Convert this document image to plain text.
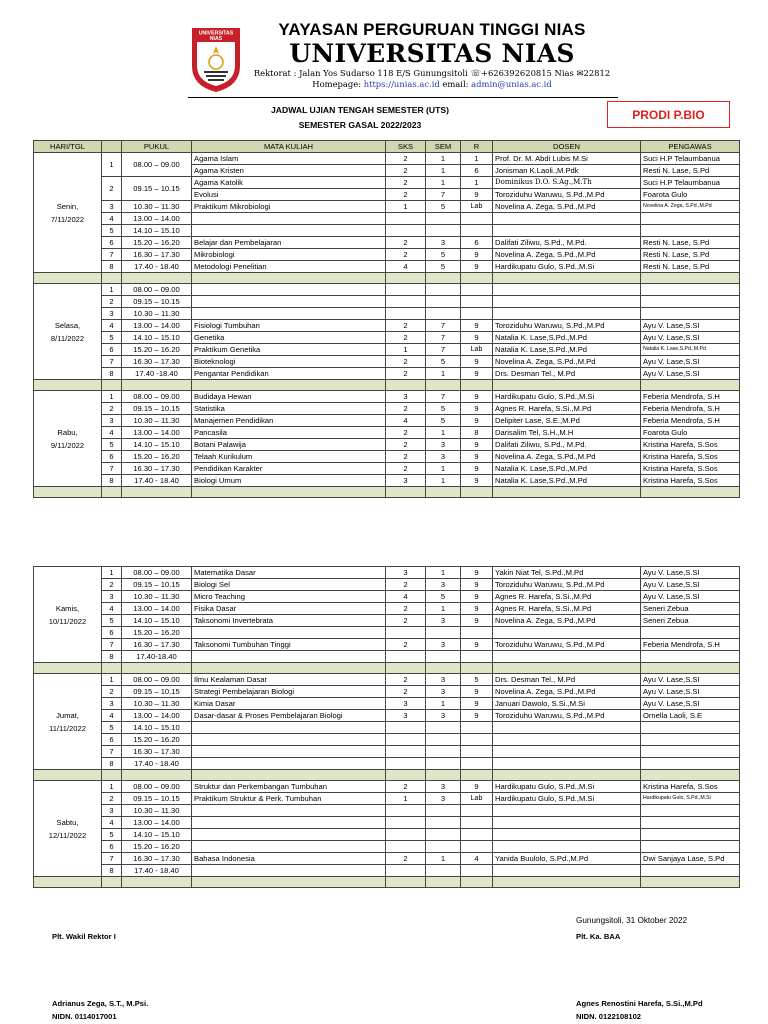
UNIVERSITAS
NIAS	YAYASAN PERGURUAN TINGGI NIAS
UNIVERSITAS NIAS
Rektorat : Jalan Yos Sudarso 118 E/S Gunungsitoli ☏+626392620815 Nias ✉22812
Homepage: https://unias.ac.id email: admin@unias.ac.id
JADWAL UJIAN TENGAH SEMESTER (UTS)
SEMESTER GASAL 2022/2023
PRODI P.BIO
HARI/TGL		PUKUL	MATA KULIAH	SKS	SEM	R	DOSEN	PENGAWAS

Senin,
7/11/2022	1	08.00 – 09.00	Agama Islam	2	1	1	Prof. Dr. M. Abdi Lubis M.Si	Suci H.P Telaumbanua
			Agama Kristen	2	1	6	Jonisman K.Laoli.,M.Pdk	Resti N. Lase, S.Pd
	2	09.15 – 10.15	Agama Katolik	2	1	1	Dominikus D.O. S.Ag.,M.Th	Suci H.P Telaumbanua
			Evolusi	2	7	9	Toroziduhu Waruwu, S.Pd.,M.Pd	Foarota Gulo
	3	10.30 – 11.30	Praktikum Mikrobiologi	1	5	Lab	Novelina A. Zega, S.Pd.,M.Pd	Novelina A. Zega, S.Pd.,M.Pd
	4	13.00 – 14.00						
	5	14.10 – 15.10						
	6	15.20 – 16.20	Belajar dan Pembelajaran	2	3	6	Dalifati Ziliwu, S.Pd., M.Pd.	Resti N. Lase, S.Pd
	7	16.30 – 17.30	Mikrobiologi	2	5	9	Novelina A. Zega, S.Pd.,M.Pd	Resti N. Lase, S.Pd
	8	17.40 - 18.40	Metodologi Penelitian	4	5	9	Hardikupatu Gulo, S.Pd.,M.Si	Resti N. Lase, S.Pd

Selasa,
8/11/2022	1	08.00 – 09.00						
	2	09.15 – 10.15						
	3	10.30 – 11.30						
	4	13.00 – 14.00	Fisiologi Tumbuhan	2	7	9	Toroziduhu Waruwu, S.Pd.,M.Pd	Ayu V. Lase,S.SI
	5	14.10 – 15.10	Genetika	2	7	9	Natalia K. Lase,S.Pd.,M.Pd	Ayu V. Lase,S.SI
	6	15.20 – 16.20	Praktikum Genetika	1	7	Lab	Natalia K. Lase,S.Pd.,M.Pd	Natalia K. Lase,S.Pd.,M.Pd
	7	16.30 – 17.30	Bioteknologi	2	5	9	Novelina A. Zega, S.Pd.,M.Pd	Ayu V. Lase,S.SI
	8	17.40 -18.40	Pengantar Pendidikan	2	1	9	Drs. Desman Tel., M.Pd	Ayu V. Lase,S.SI

Rabu,
9/11/2022	1	08.00 – 09.00	Budidaya Hewan	3	7	9	Hardikupatu Gulo, S.Pd.,M.Si	Feberia Mendrofa, S.H
	2	09.15 – 10.15	Statistika	2	5	9	Agnes R. Harefa, S.Si.,M.Pd	Feberia Mendrofa, S.H
	3	10.30 – 11.30	Manajemen Pendidikan	4	5	9	Delipiter Lase, S.E.,M.Pd	Feberia Mendrofa, S.H
	4	13.00 – 14.00	Pancasila	2	1	8	Darisalim Tel, S.H.,M.H	Foarota Gulo
	5	14.10 – 15.10	Botani Palawija	2	3	9	Dalifati Ziliwu, S.Pd., M.Pd.	Kristina Harefa, S.Sos
	6	15.20 – 16.20	Telaah Kurikulum	2	3	9	Novelina A. Zega, S.Pd.,M.Pd	Kristina Harefa, S.Sos
	7	16.30 – 17.30	Pendidikan Karakter	2	1	9	Natalia K. Lase,S.Pd.,M.Pd	Kristina Harefa, S.Sos
	8	17.40 - 18.40	Biologi Umum	3	1	9	Natalia K. Lase,S.Pd.,M.Pd	Kristina Harefa, S.Sos

Kamis,
10/11/2022	1	08.00 – 09.00	Matematika Dasar	3	1	9	Yakin Niat Tel, S.Pd.,M.Pd	Ayu V. Lase,S.SI
	2	09.15 – 10.15	Biologi Sel	2	3	9	Toroziduhu Waruwu, S.Pd.,M.Pd	Ayu V. Lase,S.SI
	3	10.30 – 11.30	Micro Teaching	4	5	9	Agnes R. Harefa, S.Si.,M.Pd	Ayu V. Lase,S.SI
	4	13.00 – 14.00	Fisika Dasar	2	1	9	Agnes R. Harefa, S.Si.,M.Pd	Seneri Zebua
	5	14.10 – 15.10	Taksonomi Invertebrata	2	3	9	Novelina A. Zega, S.Pd.,M.Pd	Seneri Zebua
	6	15.20 – 16.20						
	7	16.30 – 17.30	Taksonomi Tumbuhan Tinggi	2	3	9	Toroziduhu Waruwu, S.Pd.,M.Pd	Feberia Mendrofa, S.H
	8	17.40-18.40						

Jumat,
11/11/2022	1	08.00 – 09.00	Ilmu Kealaman Dasar	2	3	5	Drs. Desman Tel., M.Pd	Ayu V. Lase,S.SI
	2	09.15 – 10.15	Strategi Pembelajaran Biologi	2	3	9	Novelina A. Zega, S.Pd.,M.Pd	Ayu V. Lase,S.SI
	3	10.30 – 11.30	Kimia Dasar	3	1	9	Januari Dawolo, S.Si.,M.Si	Ayu V. Lase,S.SI
	4	13.00 – 14.00	Dasar-dasar & Proses Pembelajaran Biologi	3	3	9	Toroziduhu Waruwu, S.Pd.,M.Pd	Ornella Laoli, S.E
	5	14.10 – 15.10						
	6	15.20 – 16.20						
	7	16.30 – 17.30						
	8	17.40 - 18.40						

Sabtu,
12/11/2022	1	08.00 – 09.00	Struktur dan Perkembangan Tumbuhan	2	3	9	Hardikupatu Gulo, S.Pd.,M.Si	Kristina Harefa, S.Sos
	2	09.15 – 10.15	Praktikum Struktur & Perk. Tumbuhan	1	3	Lab	Hardikupatu Gulo, S.Pd.,M.Si	Hardikupatu Gulo, S.Pd.,M.Si
	3	10.30 – 11.30						
	4	13.00 – 14.00						
	5	14.10 – 15.10						
	6	15.20 – 16.20						
	7	16.30 – 17.30	Bahasa Indonesia	2	1	4	Yanida Buulolo, S.Pd.,M.Pd	Dwi Sanjaya Lase, S.Pd
	8	17.40 - 18.40						

Gunungsitoli, 31 Oktober 2022
Plt. Wakil Rektor I	Plt. Ka. BAA
Adrianus Zega, S.T., M.Psi.
NIDN. 0114017001
Agnes Renostini Harefa, S.Si.,M.Pd
NIDN. 0122108102
